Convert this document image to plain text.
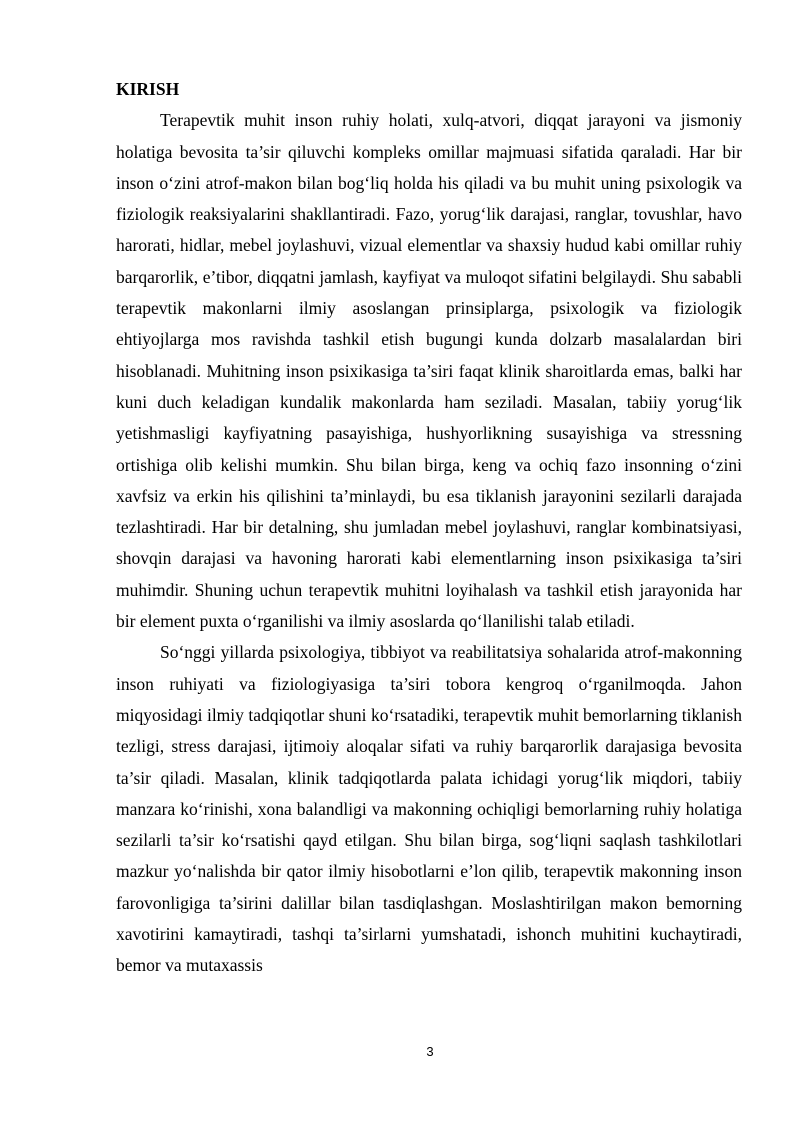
KIRISH

Terapevtik muhit inson ruhiy holati, xulq-atvori, diqqat jarayoni va jismoniy holatiga bevosita ta’sir qiluvchi kompleks omillar majmuasi sifatida qaraladi. Har bir inson o‘zini atrof-makon bilan bog‘liq holda his qiladi va bu muhit uning psixologik va fiziologik reaksiyalarini shakllantiradi. Fazo, yorug‘lik darajasi, ranglar, tovushlar, havo harorati, hidlar, mebel joylashuvi, vizual elementlar va shaxsiy hudud kabi omillar ruhiy barqarorlik, e’tibor, diqqatni jamlash, kayfiyat va muloqot sifatini belgilaydi. Shu sababli terapevtik makonlarni ilmiy asoslangan prinsiplarga, psixologik va fiziologik ehtiyojlarga mos ravishda tashkil etish bugungi kunda dolzarb masalalardan biri hisoblanadi. Muhitning inson psixikasiga ta’siri faqat klinik sharoitlarda emas, balki har kuni duch keladigan kundalik makonlarda ham seziladi. Masalan, tabiiy yorug‘lik yetishmasligi kayfiyatning pasayishiga, hushyorlikning susayishiga va stressning ortishiga olib kelishi mumkin. Shu bilan birga, keng va ochiq fazo insonning o‘zini xavfsiz va erkin his qilishini ta’minlaydi, bu esa tiklanish jarayonini sezilarli darajada tezlashtiradi. Har bir detalning, shu jumladan mebel joylashuvi, ranglar kombinatsiyasi, shovqin darajasi va havoning harorati kabi elementlarning inson psixikasiga ta’siri muhimdir. Shuning uchun terapevtik muhitni loyihalash va tashkil etish jarayonida har bir element puxta o‘rganilishi va ilmiy asoslarda qo‘llanilishi talab etiladi.

So‘nggi yillarda psixologiya, tibbiyot va reabilitatsiya sohalarida atrof-makonning inson ruhiyati va fiziologiyasiga ta’siri tobora kengroq o‘rganilmoqda. Jahon miqyosidagi ilmiy tadqiqotlar shuni ko‘rsatadiki, terapevtik muhit bemorlarning tiklanish tezligi, stress darajasi, ijtimoiy aloqalar sifati va ruhiy barqarorlik darajasiga bevosita ta’sir qiladi. Masalan, klinik tadqiqotlarda palata ichidagi yorug‘lik miqdori, tabiiy manzara ko‘rinishi, xona balandligi va makonning ochiqligi bemorlarning ruhiy holatiga sezilarli ta’sir ko‘rsatishi qayd etilgan. Shu bilan birga, sog‘liqni saqlash tashkilotlari mazkur yo‘nalishda bir qator ilmiy hisobotlarni e’lon qilib, terapevtik makonning inson farovonligiga ta’sirini dalillar bilan tasdiqlashgan. Moslashtirilgan makon bemorning xavotirini kamaytiradi, tashqi ta’sirlarni yumshatadi, ishonch muhitini kuchaytiradi, bemor va mutaxassis

3
